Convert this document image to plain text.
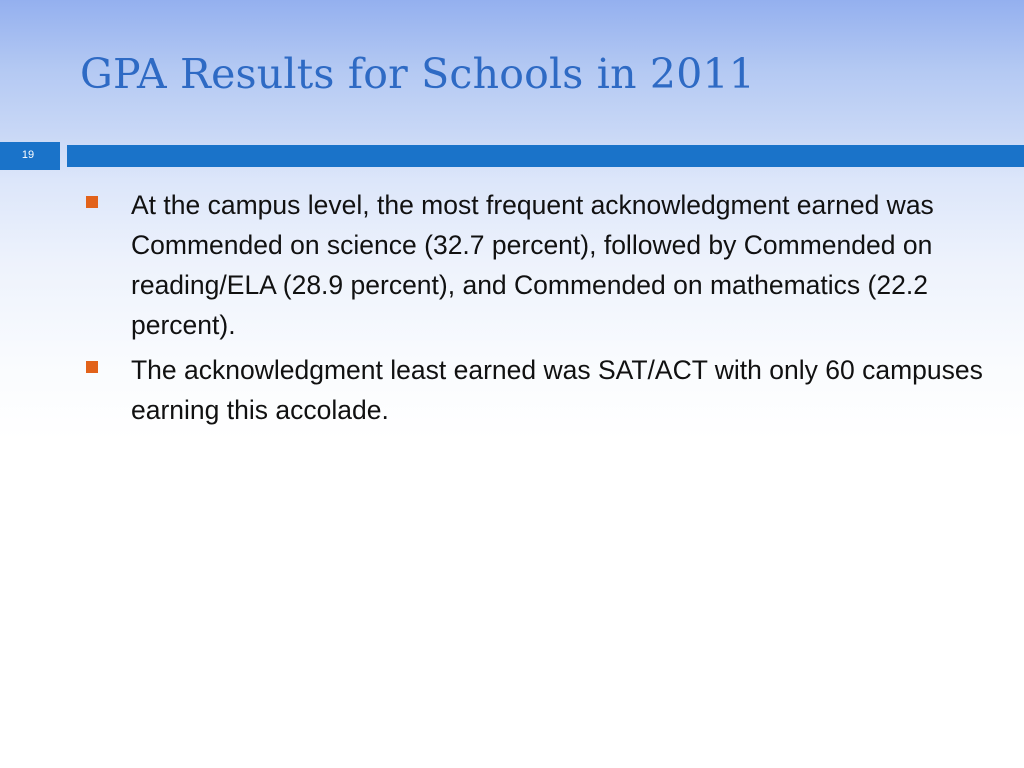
GPA Results for Schools in 2011
19
At the campus level, the most frequent acknowledgment earned was Commended on science (32.7 percent), followed by Commended on reading/ELA (28.9 percent), and Commended on mathematics (22.2 percent).
The acknowledgment least earned was SAT/ACT with only 60 campuses earning this accolade.
